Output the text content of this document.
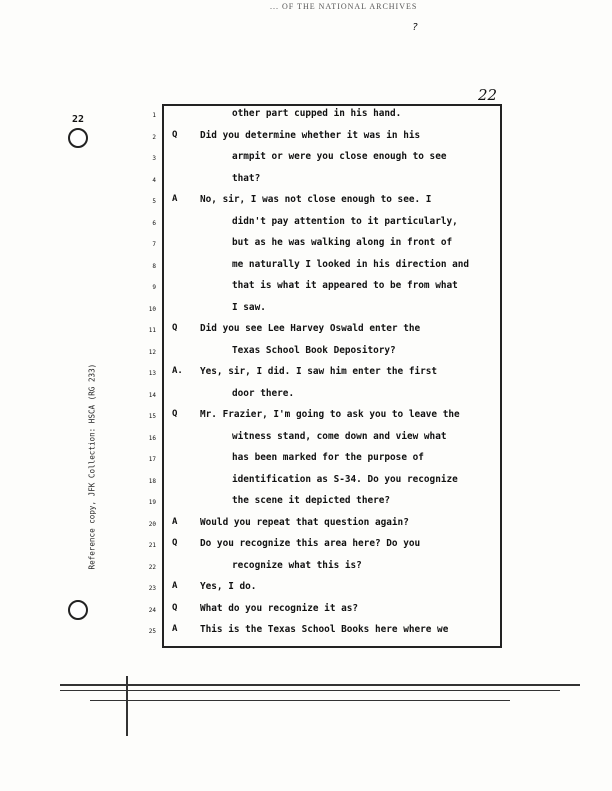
... OF THE NATIONAL ARCHIVES
22
22
?
Reference copy, JFK Collection: HSCA (RG 233)
1	other part cupped in his hand.
2 Q Did you determine whether it was in his
3	armpit or were you close enough to see
4	that?
5 A No, sir, I was not close enough to see. I
6	didn't pay attention to it particularly,
7	but as he was walking along in front of
8	me naturally I looked in his direction and
9	that is what it appeared to be from what
10	I saw.
11 Q Did you see Lee Harvey Oswald enter the
12	Texas School Book Depository?
13 A. Yes, sir, I did. I saw him enter the first
14	door there.
15 Q Mr. Frazier, I'm going to ask you to leave the
16	witness stand, come down and view what
17	has been marked for the purpose of
18	identification as S-34. Do you recognize
19	the scene it depicted there?
20 A Would you repeat that question again?
21 Q Do you recognize this area here? Do you
22	recognize what this is?
23 A Yes, I do.
24 Q What do you recognize it as?
25 A This is the Texas School Books here where we
